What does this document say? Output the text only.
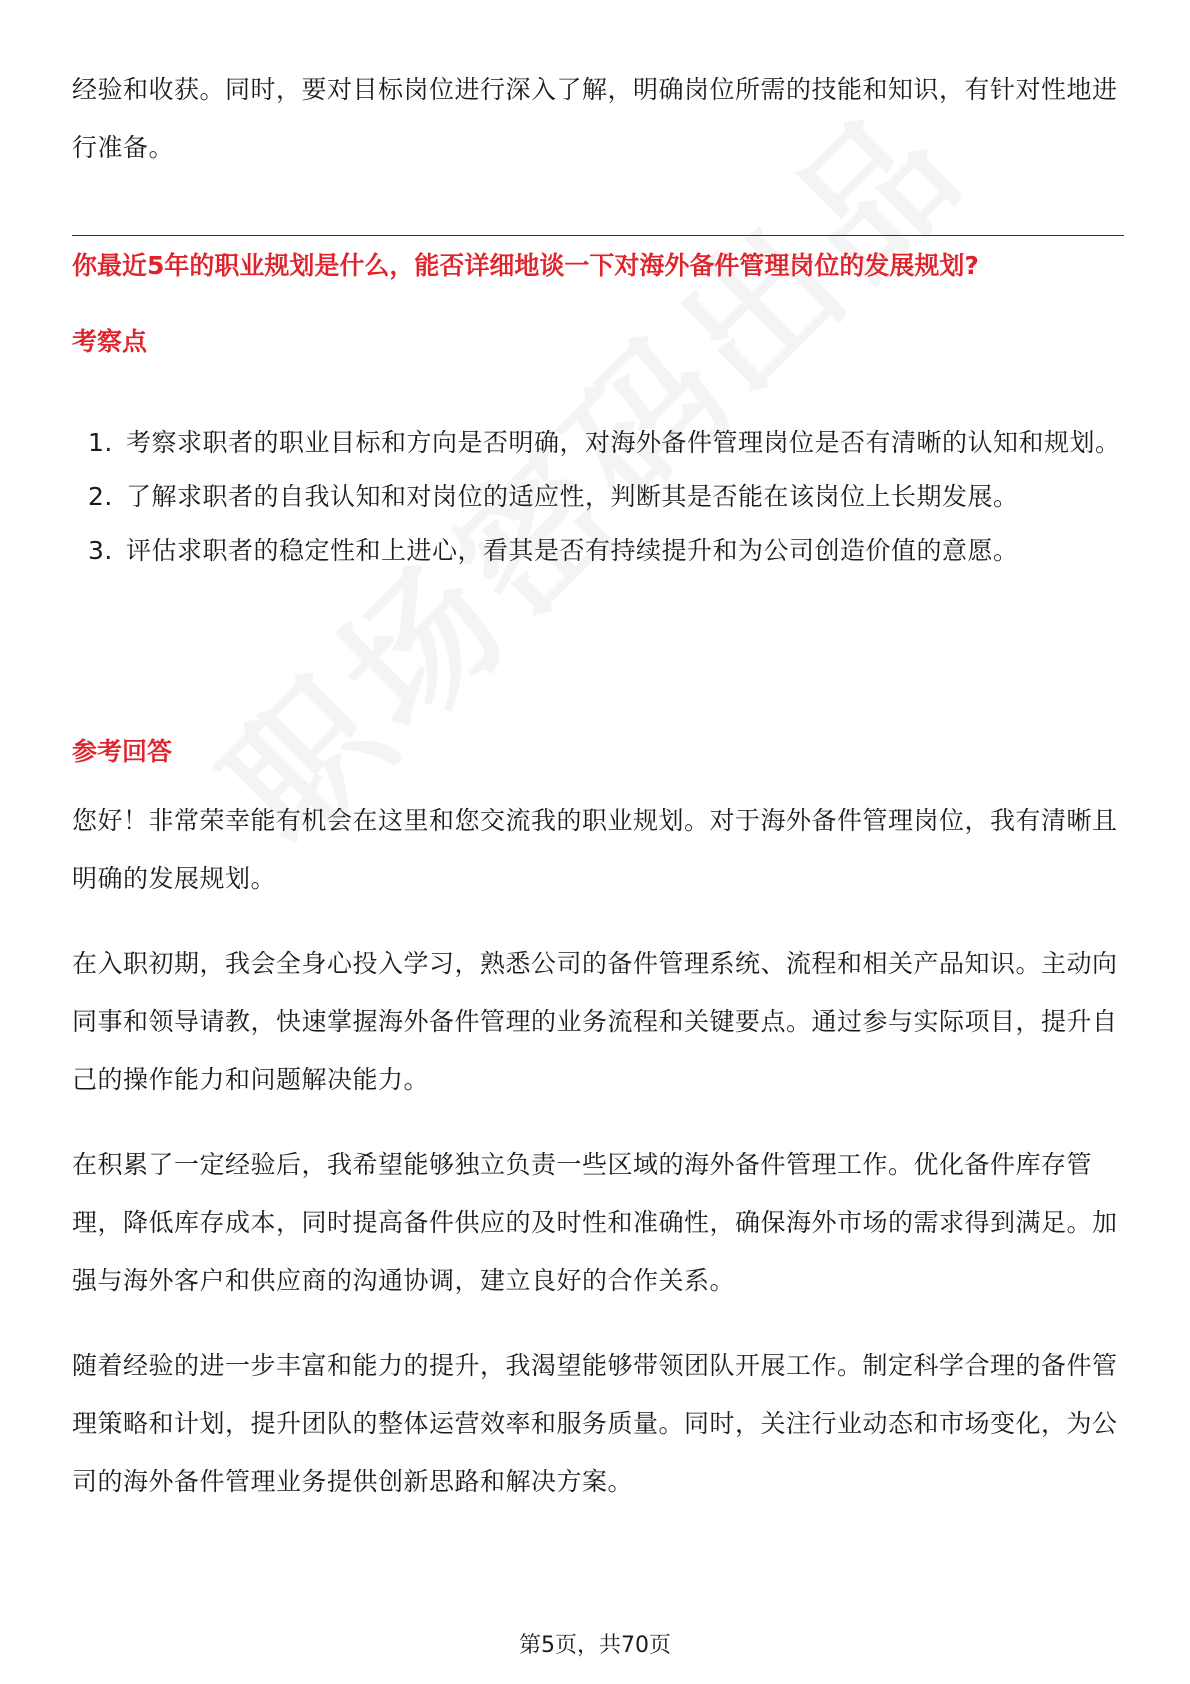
经验和收获。同时，要对目标岗位进行深入了解，明确岗位所需的技能和知识，有针对性地进行准备。
你最近5年的职业规划是什么，能否详细地谈一下对海外备件管理岗位的发展规划?
考察点
1. 考察求职者的职业目标和方向是否明确，对海外备件管理岗位是否有清晰的认知和规划。
2. 了解求职者的自我认知和对岗位的适应性，判断其是否能在该岗位上长期发展。
3. 评估求职者的稳定性和上进心，看其是否有持续提升和为公司创造价值的意愿。
参考回答
您好！非常荣幸能有机会在这里和您交流我的职业规划。对于海外备件管理岗位，我有清晰且明确的发展规划。
在入职初期，我会全身心投入学习，熟悉公司的备件管理系统、流程和相关产品知识。主动向同事和领导请教，快速掌握海外备件管理的业务流程和关键要点。通过参与实际项目，提升自己的操作能力和问题解决能力。
在积累了一定经验后，我希望能够独立负责一些区域的海外备件管理工作。优化备件库存管理，降低库存成本，同时提高备件供应的及时性和准确性，确保海外市场的需求得到满足。加强与海外客户和供应商的沟通协调，建立良好的合作关系。
随着经验的进一步丰富和能力的提升，我渴望能够带领团队开展工作。制定科学合理的备件管理策略和计划，提升团队的整体运营效率和服务质量。同时，关注行业动态和市场变化，为公司的海外备件管理业务提供创新思路和解决方案。
第5页，共70页
